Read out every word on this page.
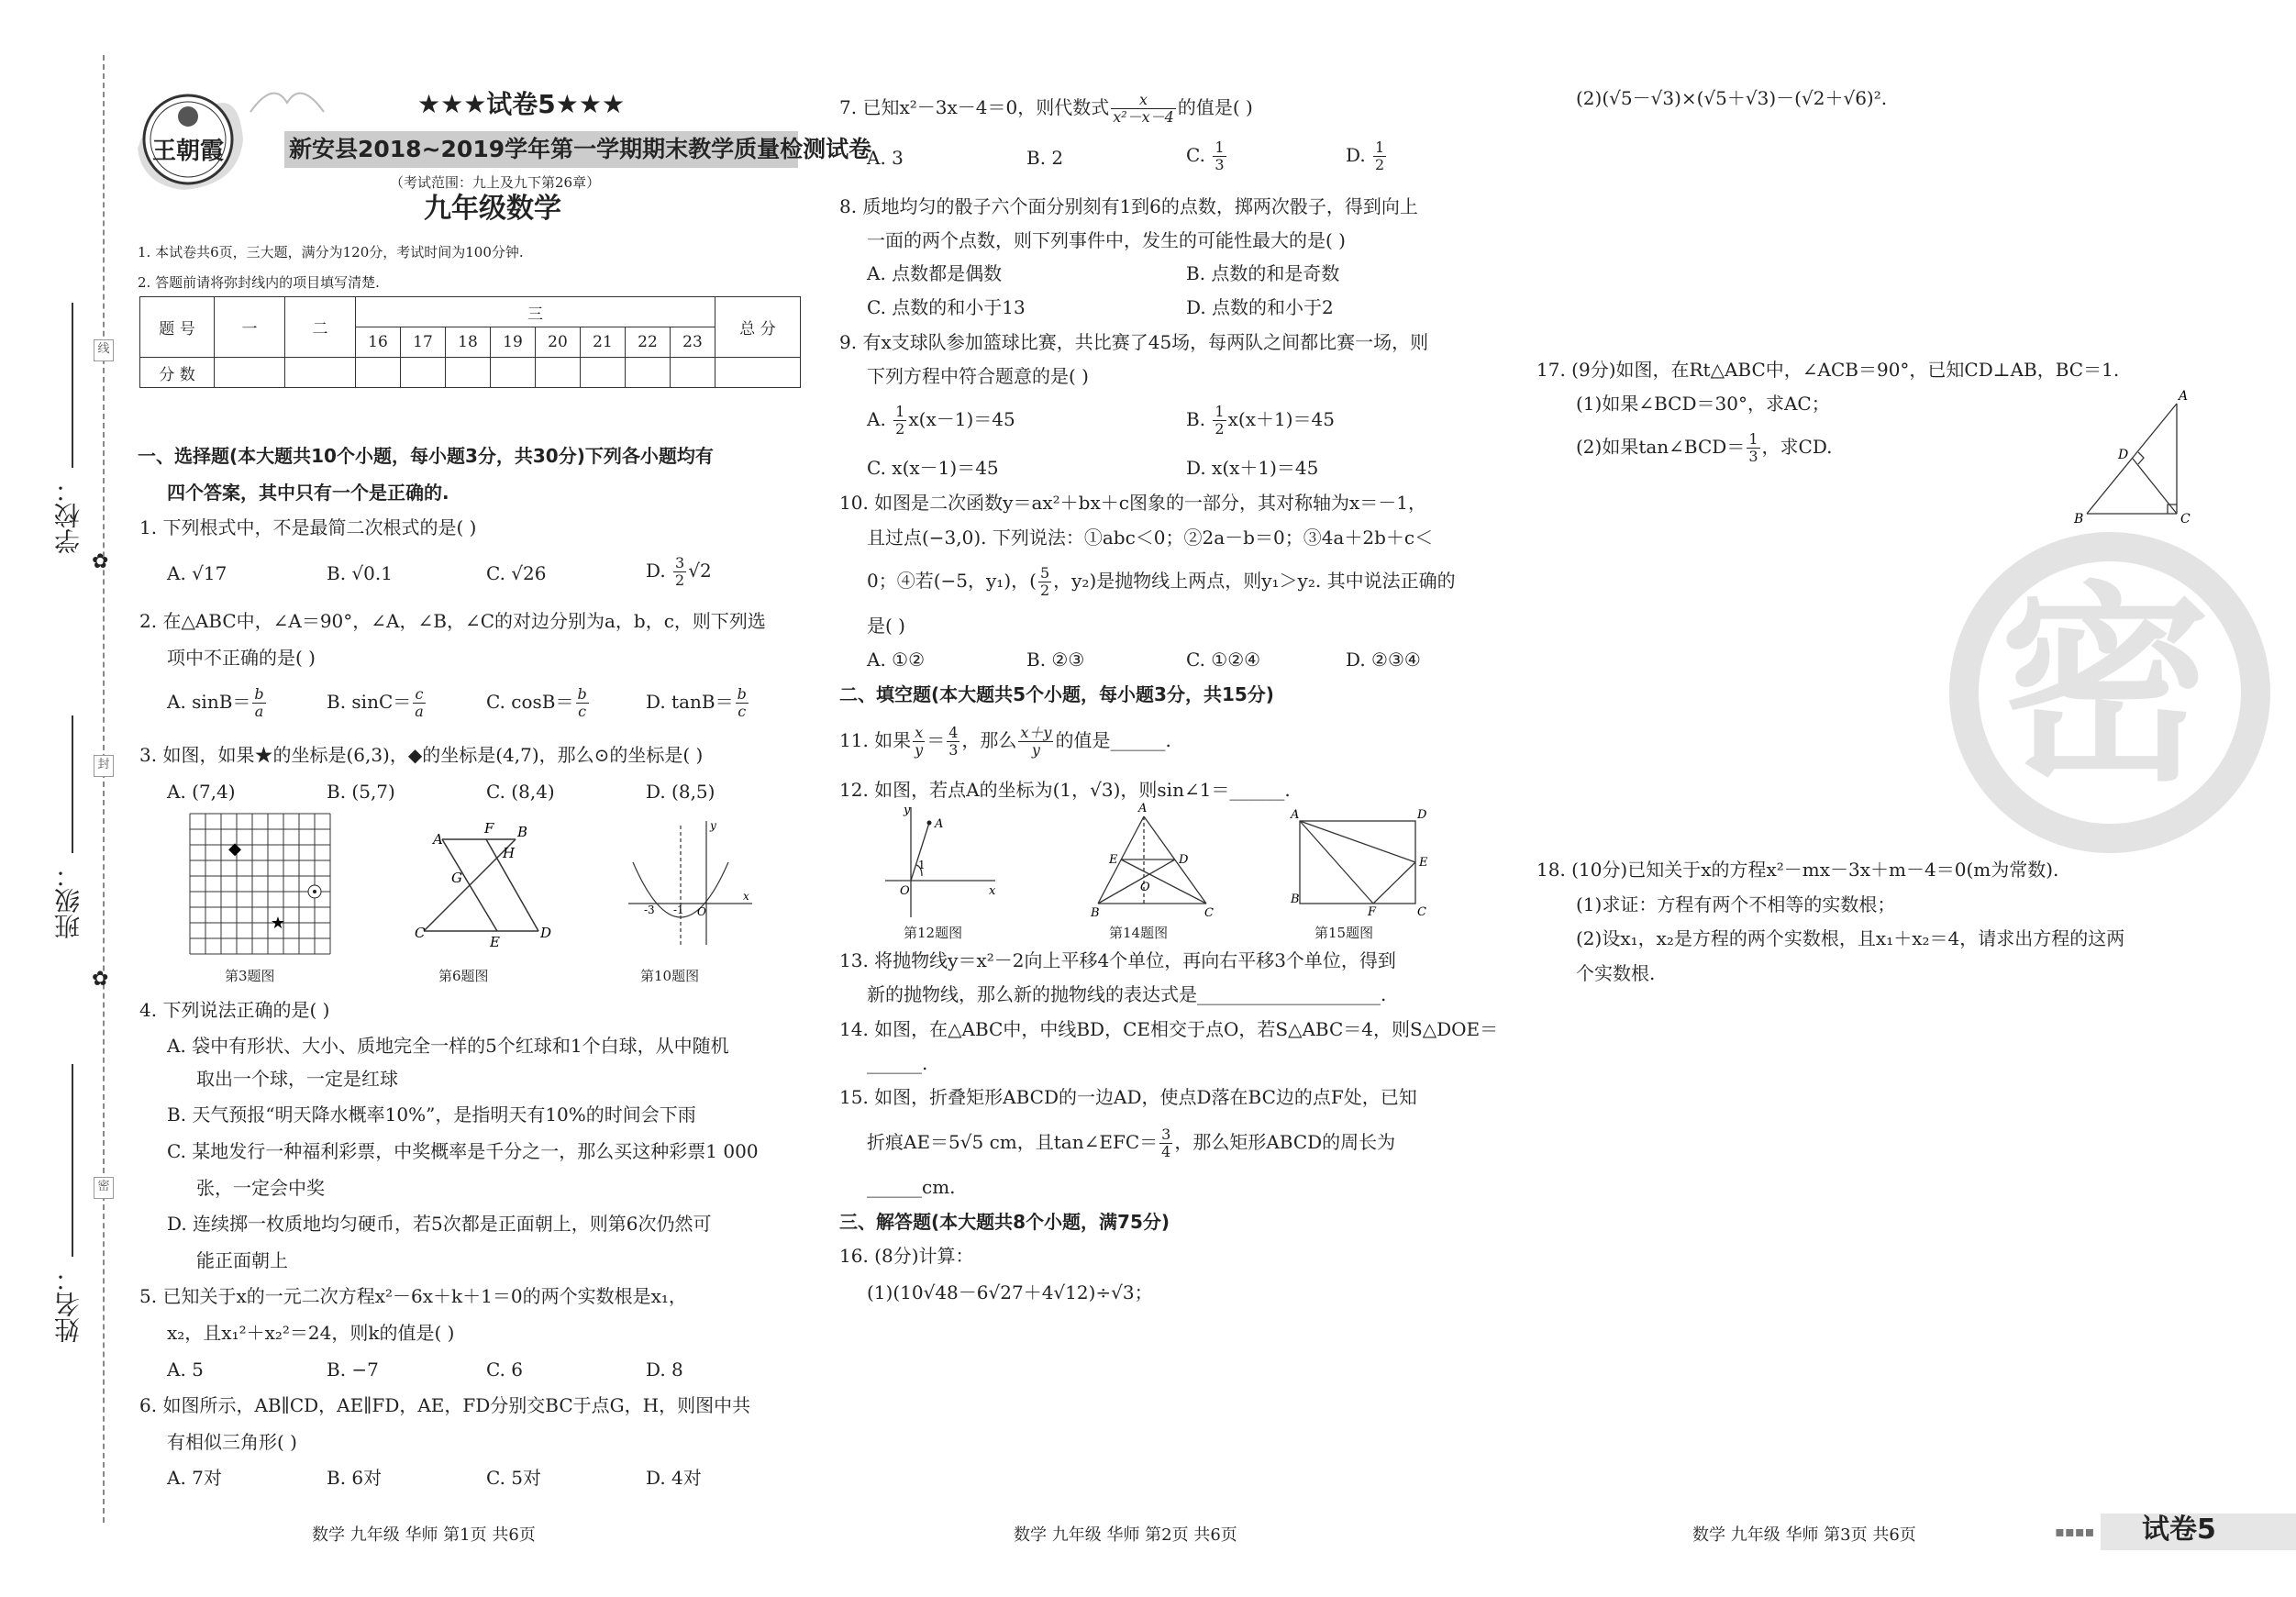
线
封
密
✿
✿
学校：
班级：
姓名：
王朝霞
★★★试卷5★★★
新安县2018~2019学年第一学期期末教学质量检测试卷
（考试范围：九上及九下第26章）
九年级数学
1. 本试卷共6页，三大题，满分为120分，考试时间为100分钟.
2. 答题前请将弥封线内的项目填写清楚.
题 号	一	二	三								总 分
			16	17	18	19	20	21	22	23	
分 数											
一、选择题(本大题共10个小题，每小题3分，共30分)下列各小题均有
四个答案，其中只有一个是正确的.
1. 下列根式中，不是最简二次根式的是( )
A. √17	B. √0.1	C. √26	D. $\frac{3}{2} √2$
2. 在△ABC中，∠A＝90°，∠A，∠B，∠C的对边分别为a，b，c，则下列选
项中不正确的是( )
A. $\sin B= \frac{b}{a}$	B. $\sin C= \frac{c}{a}$	C. $\cos B= \frac{b}{c}$	D. $\tan B= \frac{b}{c}$
3. 如图，如果★的坐标是(6,3)，◆的坐标是(4,7)，那么⊙的坐标是( )
A. (7,4)	B. (5,7)	C. (8,4)	D. (8,5)
◆
★
A
F B
H
G
C
E
D
-3 -1 O
x
y
第3题图	第6题图	第10题图
4. 下列说法正确的是( )
A. 袋中有形状、大小、质地完全一样的5个红球和1个白球，从中随机
取出一个球，一定是红球
B. 天气预报“明天降水概率10%”，是指明天有10%的时间会下雨
C. 某地发行一种福利彩票，中奖概率是千分之一，那么买这种彩票1 000
张，一定会中奖
D. 连续掷一枚质地均匀硬币，若5次都是正面朝上，则第6次仍然可
能正面朝上
5. 已知关于x的一元二次方程x²－6x＋k＋1＝0的两个实数根是x₁，
x₂，且x₁²＋x₂²＝24，则k的值是( )
A. 5	B. −7	C. 6	D. 8
6. 如图所示，AB∥CD，AE∥FD，AE，FD分别交BC于点G，H，则图中共
有相似三角形( )
A. 7对	B. 6对	C. 5对	D. 4对
7. 已知x²－3x－4＝0，则代数式 $\frac{x}{\text{x²－x－4}}$ 的值是( )
A. 3	B. 2	C. $\frac{1}{3}$	D. $\frac{1}{2}$
8. 质地均匀的骰子六个面分别刻有1到6的点数，掷两次骰子，得到向上
一面的两个点数，则下列事件中，发生的可能性最大的是( )
A. 点数都是偶数	B. 点数的和是奇数
C. 点数的和小于13	D. 点数的和小于2
9. 有x支球队参加篮球比赛，共比赛了45场，每两队之间都比赛一场，则
下列方程中符合题意的是( )
A. $\frac{1}{2} x(x-1)=45$	B. $\frac{1}{2} x(x+1)=45$
C. x(x－1)＝45	D. x(x＋1)＝45
10. 如图是二次函数y＝ax²＋bx＋c图象的一部分，其对称轴为x＝－1，
且过点(−3,0). 下列说法：①abc＜0；②2a－b＝0；③4a＋2b＋c＜
0；④若(−5，y₁)，( $\frac{5}{2}$ ，y₂)是抛物线上两点，则y₁＞y₂. 其中说法正确的
是( )
A. ①②	B. ②③	C. ①②④	D. ②③④
二、填空题(本大题共5个小题，每小题3分，共15分)
11. 如果 $\frac{x}{y} = \frac{4}{3}$ ，那么 $\frac{x+y}{y}$ 的值是______.
12. 如图，若点A的坐标为(1，√3)，则sin∠1＝______.
y
A
1
O	x
A
E	D
O
B	C
A	D
E
B
F	C
第12题图	第14题图	第15题图
13. 将抛物线y＝x²－2向上平移4个单位，再向右平移3个单位，得到
新的抛物线，那么新的抛物线的表达式是____________________.
14. 如图，在△ABC中，中线BD，CE相交于点O，若S△ABC＝4，则S△DOE＝
______.
15. 如图，折叠矩形ABCD的一边AD，使点D落在BC边的点F处，已知
折痕AE＝5√5 cm，且tan∠EFC＝ $\frac{3}{4}$ ，那么矩形ABCD的周长为
______cm.
三、解答题(本大题共8个小题，满75分)
16. (8分)计算：
(1)(10√48－6√27＋4√12)÷√3；
(2)(√5－√3)×(√5＋√3)－(√2＋√6)².
17. (9分)如图，在Rt△ABC中，∠ACB＝90°，已知CD⊥AB，BC＝1.
(1)如果∠BCD＝30°，求AC；
(2)如果tan∠BCD＝ $\frac{1}{3}$ ，求CD.
A
D
B	C
18. (10分)已知关于x的方程x²－mx－3x＋m－4＝0(m为常数).
(1)求证：方程有两个不相等的实数根；
(2)设x₁，x₂是方程的两个实数根，且x₁＋x₂＝4，请求出方程的这两
个实数根.
密
数学 九年级 华师 第1页 共6页	数学 九年级 华师 第2页 共6页	数学 九年级 华师 第3页 共6页	▪▪▪▪ 试卷5
